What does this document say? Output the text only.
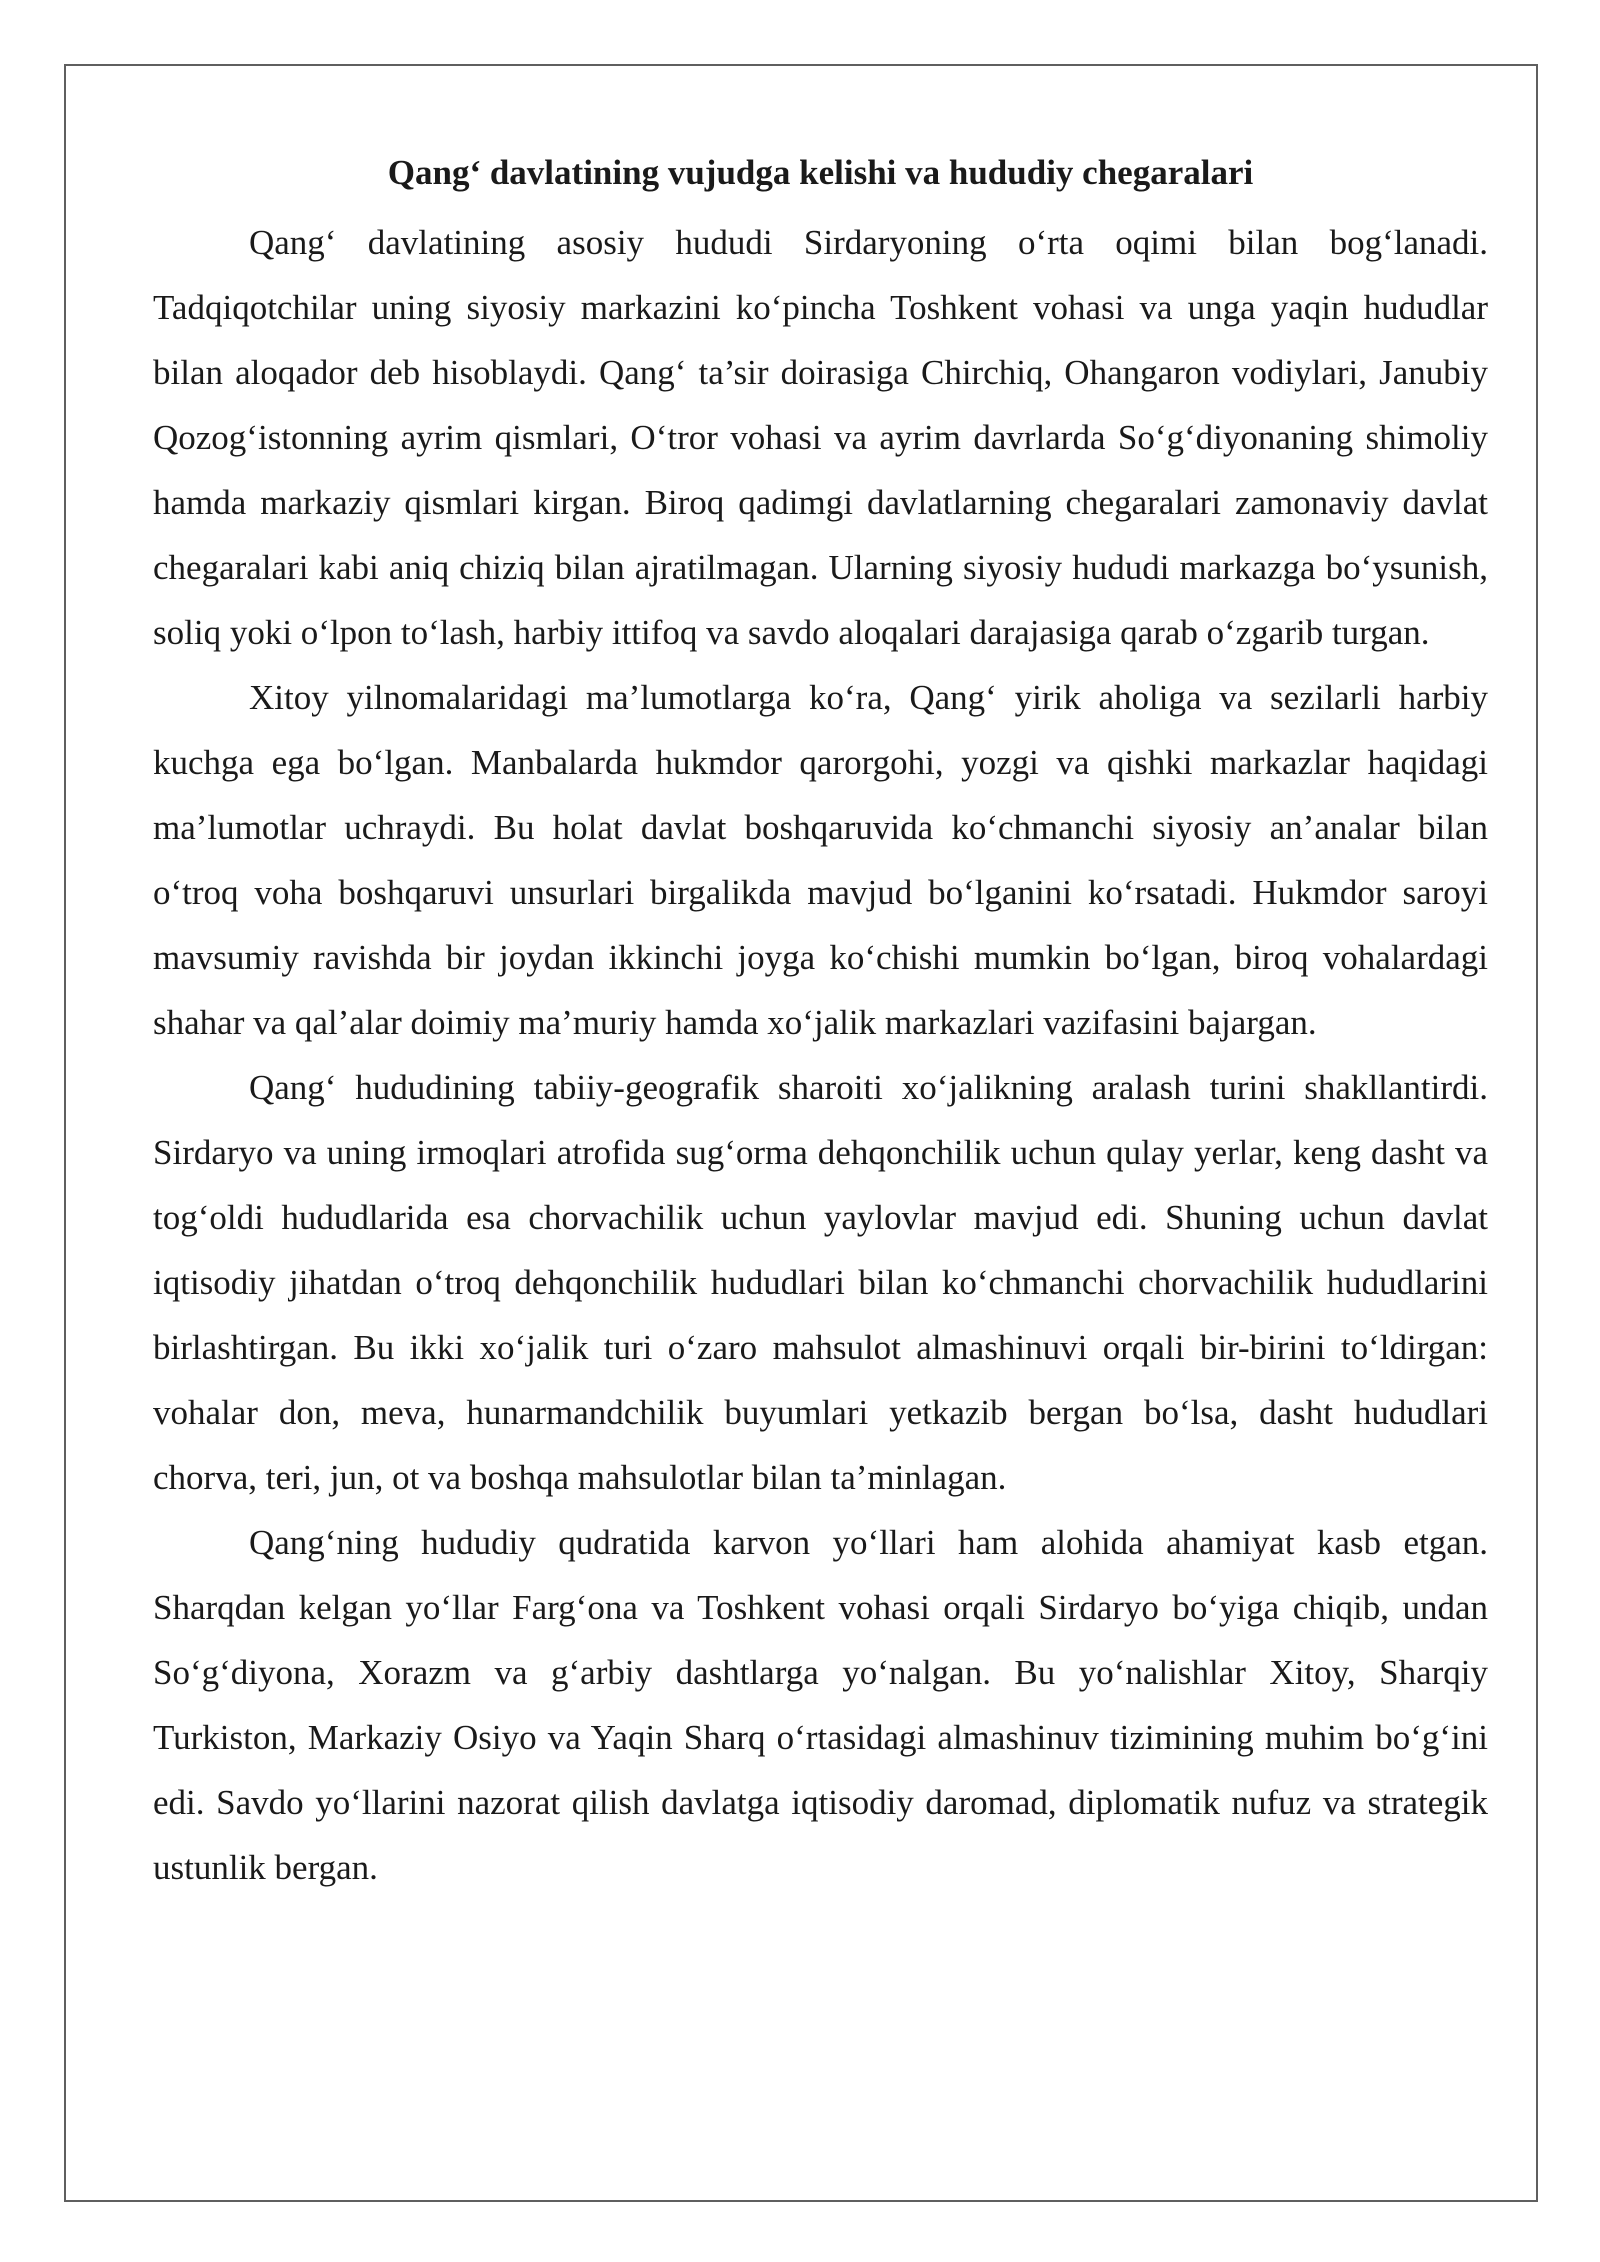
Qang‘ davlatining vujudga kelishi va hududiy chegaralari

Qang‘ davlatining asosiy hududi Sirdaryoning o‘rta oqimi bilan bog‘lanadi. Tadqiqotchilar uning siyosiy markazini ko‘pincha Toshkent vohasi va unga yaqin hududlar bilan aloqador deb hisoblaydi. Qang‘ ta’sir doirasiga Chirchiq, Ohangaron vodiylari, Janubiy Qozog‘istonning ayrim qismlari, O‘tror vohasi va ayrim davrlarda So‘g‘diyonaning shimoliy hamda markaziy qismlari kirgan. Biroq qadimgi davlatlarning chegaralari zamonaviy davlat chegaralari kabi aniq chiziq bilan ajratilmagan. Ularning siyosiy hududi markazga bo‘ysunish, soliq yoki o‘lpon to‘lash, harbiy ittifoq va savdo aloqalari darajasiga qarab o‘zgarib turgan.

Xitoy yilnomalaridagi ma’lumotlarga ko‘ra, Qang‘ yirik aholiga va sezilarli harbiy kuchga ega bo‘lgan. Manbalarda hukmdor qarorgohi, yozgi va qishki markazlar haqidagi ma’lumotlar uchraydi. Bu holat davlat boshqaruvida ko‘chmanchi siyosiy an’analar bilan o‘troq voha boshqaruvi unsurlari birgalikda mavjud bo‘lganini ko‘rsatadi. Hukmdor saroyi mavsumiy ravishda bir joydan ikkinchi joyga ko‘chishi mumkin bo‘lgan, biroq vohalardagi shahar va qal’alar doimiy ma’muriy hamda xo‘jalik markazlari vazifasini bajargan.

Qang‘ hududining tabiiy-geografik sharoiti xo‘jalikning aralash turini shakllantirdi. Sirdaryo va uning irmoqlari atrofida sug‘orma dehqonchilik uchun qulay yerlar, keng dasht va tog‘oldi hududlarida esa chorvachilik uchun yaylovlar mavjud edi. Shuning uchun davlat iqtisodiy jihatdan o‘troq dehqonchilik hududlari bilan ko‘chmanchi chorvachilik hududlarini birlashtirgan. Bu ikki xo‘jalik turi o‘zaro mahsulot almashinuvi orqali bir-birini to‘ldirgan: vohalar don, meva, hunarmandchilik buyumlari yetkazib bergan bo‘lsa, dasht hududlari chorva, teri, jun, ot va boshqa mahsulotlar bilan ta’minlagan.

Qang‘ning hududiy qudratida karvon yo‘llari ham alohida ahamiyat kasb etgan. Sharqdan kelgan yo‘llar Farg‘ona va Toshkent vohasi orqali Sirdaryo bo‘yiga chiqib, undan So‘g‘diyona, Xorazm va g‘arbiy dashtlarga yo‘nalgan. Bu yo‘nalishlar Xitoy, Sharqiy Turkiston, Markaziy Osiyo va Yaqin Sharq o‘rtasidagi almashinuv tizimining muhim bo‘g‘ini edi. Savdo yo‘llarini nazorat qilish davlatga iqtisodiy daromad, diplomatik nufuz va strategik ustunlik bergan.
